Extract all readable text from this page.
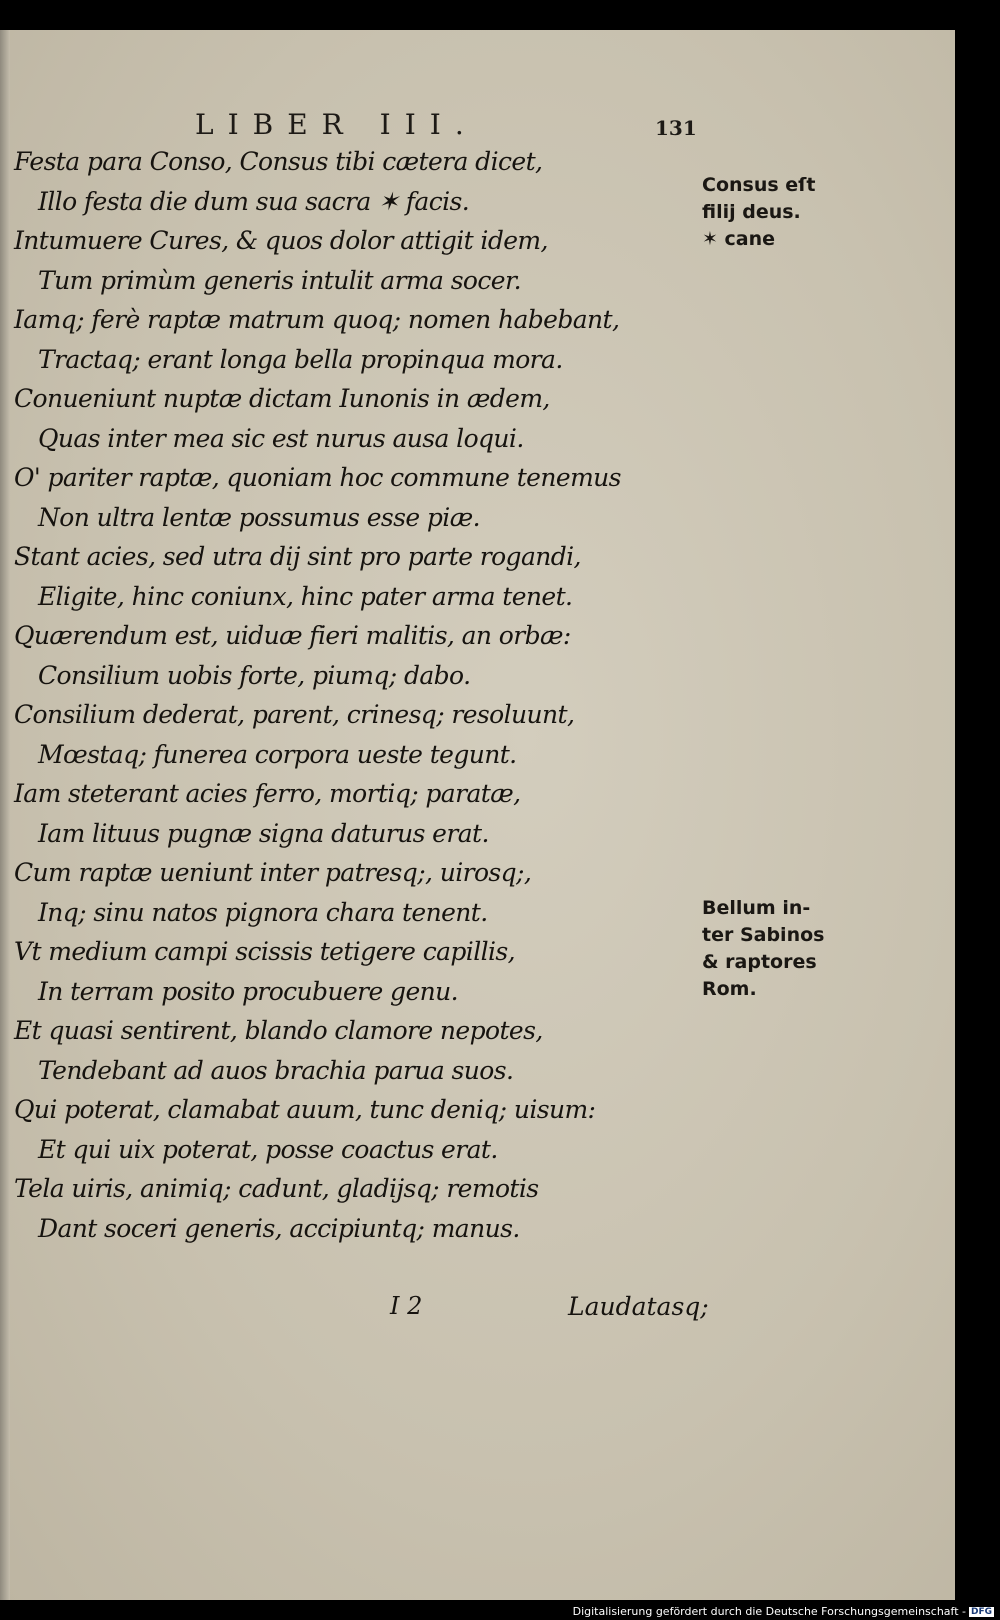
LIBER III.	131
Festa para Conso, Consus tibi cætera dicet,
Illo festa die dum sua sacra ✶ facis.
Intumuere Cures, & quos dolor attigit idem,
Tum primùm generis intulit arma socer.
Iamq; ferè raptæ matrum quoq; nomen habebant,
Tractaq; erant longa bella propinqua mora.
Conueniunt nuptæ dictam Iunonis in ædem,
Quas inter mea sic est nurus ausa loqui.
O' pariter raptæ, quoniam hoc commune tenemus
Non ultra lentæ possumus esse piæ.
Stant acies, sed utra dij sint pro parte rogandi,
Eligite, hinc coniunx, hinc pater arma tenet.
Quærendum est, uiduæ fieri malitis, an orbæ:
Consilium uobis forte, piumq; dabo.
Consilium dederat, parent, crinesq; resoluunt,
Mœstaq; funerea corpora ueste tegunt.
Iam steterant acies ferro, mortiq; paratæ,
Iam lituus pugnæ signa daturus erat.
Cum raptæ ueniunt inter patresq;, uirosq;,
Inq; sinu natos pignora chara tenent.
Vt medium campi scissis tetigere capillis,
In terram posito procubuere genu.
Et quasi sentirent, blando clamore nepotes,
Tendebant ad auos brachia parua suos.
Qui poterat, clamabat auum, tunc deniq; uisum:
Et qui uix poterat, posse coactus erat.
Tela uiris, animiq; cadunt, gladijsq; remotis
Dant soceri generis, accipiuntq; manus.
Consus eſt
filij deus.
✶ cane
Bellum in-
ter Sabinos
& raptores
Rom.
I 2	Laudatasq;
Digitalisierung gefördert durch die Deutsche Forschungsgemeinschaft - DFG
